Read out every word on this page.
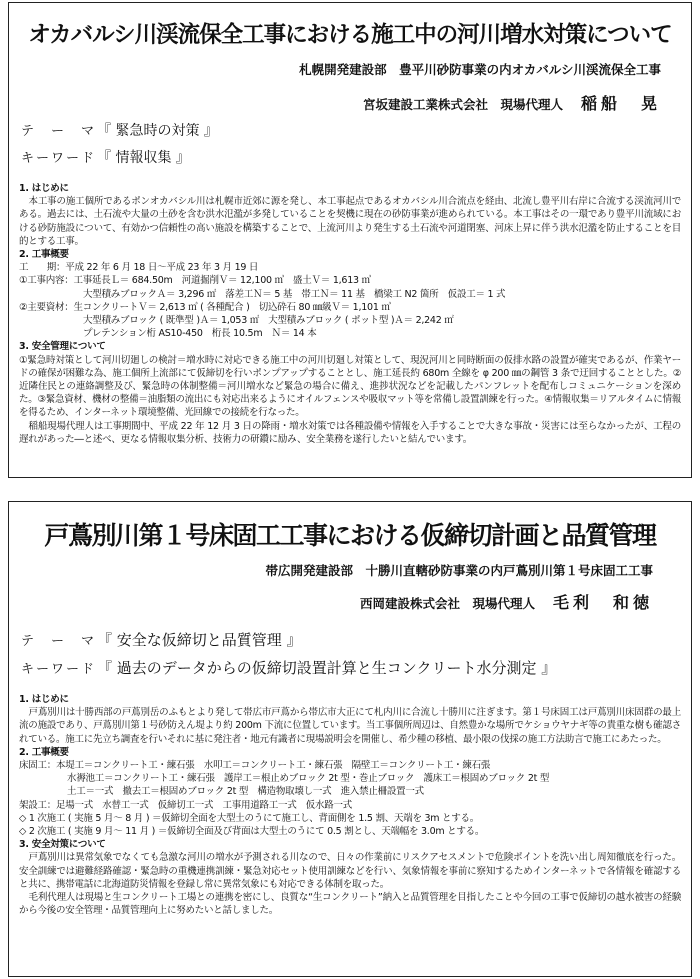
オカバルシ川渓流保全工事における施工中の河川増水対策について
札幌開発建設部　豊平川砂防事業の内オカバルシ川渓流保全工事
宮坂建設工業株式会社　現場代理人 稲船　晃
テ　ー　マ『 緊急時の対策 』
キーワード『 情報収集 』

1. はじめに

本工事の施工個所であるポンオカバシル川は札幌市近郊に源を発し、本工事起点であるオカバシル川合流点を経由、北流し豊平川右岸に合流する渓流河川である。過去には、土石流や大量の土砂を含む洪水氾濫が多発していることを契機に現在の砂防事業が進められている。本工事はその一環であり豊平川流域における砂防施設について、有効かつ信頼性の高い施設を構築することで、上流河川より発生する土石流や河道閉塞、河床上昇に伴う洪水氾濫を防止することを目的とする工事。

2. 工事概要

工　　期：平成 22 年 6 月 18 日～平成 23 年 3 月 19 日

①工事内容：工事延長Ｌ＝ 684.50m　河道掘削Ｖ＝ 12,100 ㎥　盛土Ｖ＝ 1,613 ㎥

大型積みブロックＡ＝ 3,296 ㎡　落差工Ｎ＝ 5 基　帯工Ｎ＝ 11 基　橋梁工 N2 箇所　仮設工＝ 1 式

②主要資材：生コンクリートＶ＝ 2,613 ㎥ ( 各種配合 )　切込砕石 80 ㎜級Ｖ＝ 1,101 ㎥

大型積みブロック ( 既準型 )Ａ＝ 1,053 ㎡　大型積みブロック ( ポット型 )Ａ＝ 2,242 ㎡

プレテンション桁 AS10-450　桁長 10.5m　Ｎ＝ 14 本

3. 安全管理について

①緊急時対策として河川切廻しの検討＝増水時に対応できる施工中の河川切廻し対策として、現況河川と同時断面の仮排水路の設置が確実であるが、作業ヤードの確保が困難な為、施工個所上流部にて仮締切を行いポンプアップすることとし、施工延長約 680m 全線を φ 200 ㎜の鋼管 3 条で迂回することとした。②近隣住民との連絡調整及び、緊急時の体制整備＝河川増水など緊急の場合に備え、進捗状況などを記載したパンフレットを配布しコミュニケーションを深めた。③緊急資材、機材の整備＝油脂類の流出にも対応出来るようにオイルフェンスや吸収マット等を常備し設置訓練を行った。④情報収集＝リアルタイムに情報を得るため、インターネット環境整備、光回線での接続を行なった。

稲船現場代理人は工事期間中、平成 22 年 12 月 3 日の降雨・増水対策では各種設備や情報を入手することで大きな事故・災害には至らなかったが、工程の遅れがあった―と述べ、更なる情報収集分析、技術力の研鑽に励み、安全業務を遂行したいと結んでいます。

戸蔦別川第１号床固工工事における仮締切計画と品質管理
帯広開発建設部　十勝川直轄砂防事業の内戸蔦別川第１号床固工工事
西岡建設株式会社　現場代理人 毛利　和徳
テ　ー　マ『 安全な仮締切と品質管理 』
キーワード『 過去のデータからの仮締切設置計算と生コンクリート水分測定 』

1. はじめに

戸蔦別川は十勝西部の戸蔦別岳のふもとより発して帯広市戸蔦から帯広市大正にて札内川に合流し十勝川に注ぎます。第１号床固工は戸蔦別川床固群の最上流の施設であり、戸蔦別川第１号砂防えん堤より約 200m 下流に位置しています。当工事個所周辺は、自然豊かな場所でケショウヤナギ等の貴重な樹も確認されている。施工に先立ち調査を行いそれに基に発注者・地元有識者に現場説明会を開催し、希少種の移植、最小限の伐採の施工方法助言で施工にあたった。

2. 工事概要

床固工：本堤工＝コンクリート工・練石張　水叩工＝コンクリート工・練石張　隔壁工＝コンクリート工・練石張

水褥池工＝コンクリート工・練石張　護岸工＝根止めブロック 2t 型・巻止ブロック　護床工＝根固めブロック 2t 型

土工＝一式　撤去工＝根固めブロック 2t 型　構造物取壊し一式　進入禁止柵設置一式

架設工：足場一式　水替工一式　仮締切工一式　工事用道路工一式　仮水路一式

◇ 1 次施工 ( 実施 5 月～ 8 月 ) ＝仮締切全面を大型土のうにて施工し、背面側を 1.5 割、天端を 3m とする。

◇ 2 次施工 ( 実施 9 月～ 11 月 ) ＝仮締切全面及び背面は大型土のうにて 0.5 割とし、天端幅を 3.0m とする。

3. 安全対策について

戸蔦別川は異常気象でなくても急激な河川の増水が予測される川なので、日々の作業前にリスクアセスメントで危険ポイントを洗い出し周知徹底を行った。安全訓練では避難経路確認・緊急時の重機連携訓練・緊急対応セット使用訓練などを行い、気象情報を事前に察知するためインターネットで各情報を確認すると共に、携帯電話に北海道防災情報を登録し常に異常気象にも対応できる体制を取った。

毛利代理人は現場と生コンクリート工場との連携を密にし、良質な“生コンクリート”納入と品質管理を目指したことや今回の工事で仮締切の越水被害の経験から今後の安全管理・品質管理向上に努めたいと話しました。
